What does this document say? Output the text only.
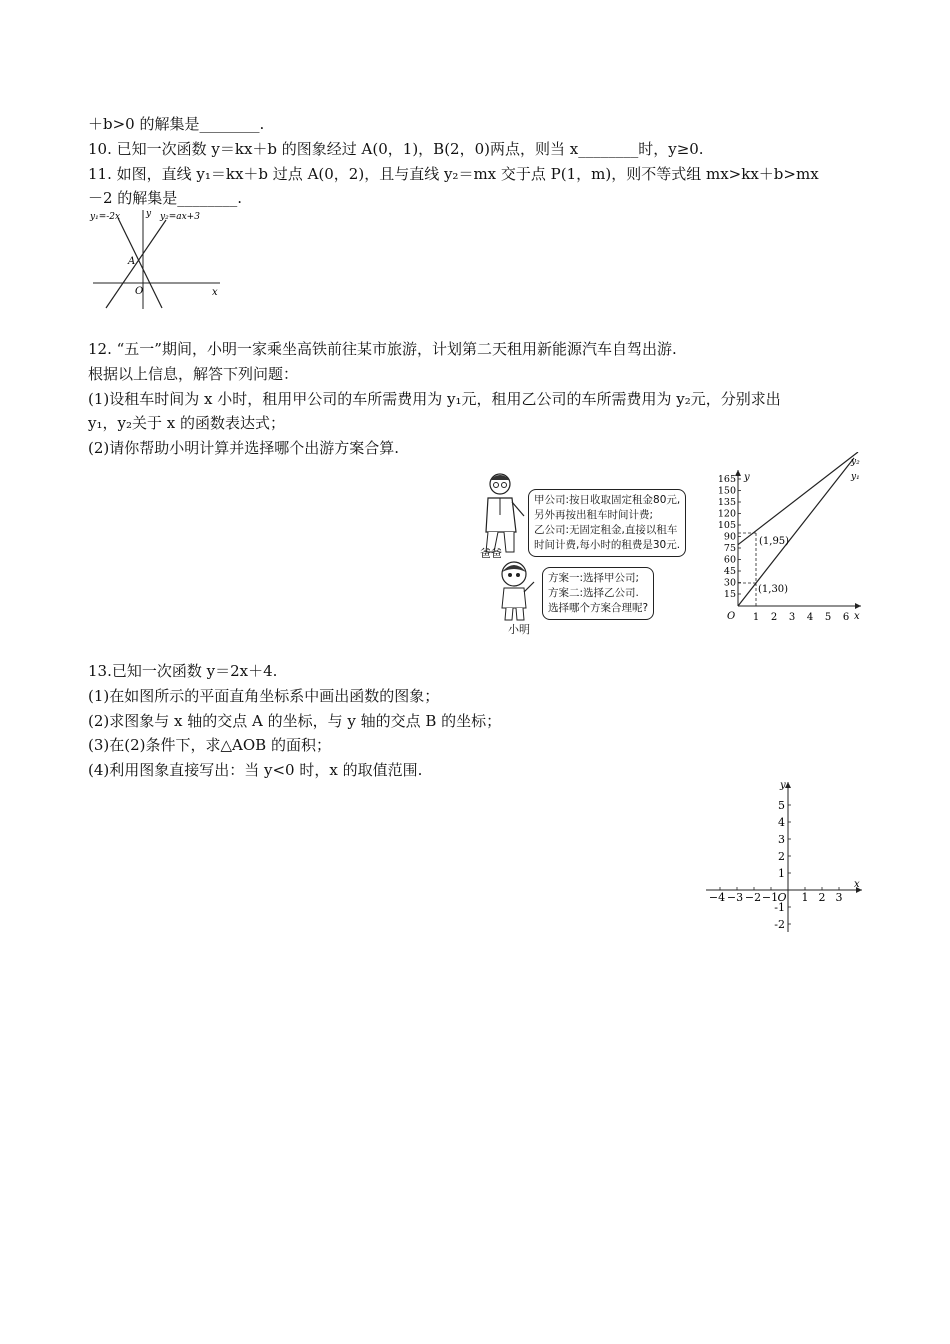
＋b>0 的解集是________.
10. 已知一次函数 y＝kx＋b 的图象经过 A(0，1)，B(2，0)两点，则当 x________时，y≥0.
11. 如图，直线 y₁＝kx＋b 过点 A(0，2)，且与直线 y₂＝mx 交于点 P(1，m)，则不等式组 mx>kx＋b>mx
－2 的解集是________.
y₁=-2x	y₂=ax+3
y
A
O	x
12. “五一”期间，小明一家乘坐高铁前往某市旅游，计划第二天租用新能源汽车自驾出游.
根据以上信息，解答下列问题：
(1)设租车时间为 x 小时，租用甲公司的车所需费用为 y₁元，租用乙公司的车所需费用为 y₂元，分别求出
y₁，y₂关于 x 的函数表达式；
(2)请你帮助小明计算并选择哪个出游方案合算.
爸爸
甲公司:按日收取固定租金80元,
另外再按出租车时间计费;
乙公司:无固定租金,直接以租车
时间计费,每小时的租费是30元.
小明
方案一:选择甲公司;
方案二:选择乙公司.
选择哪个方案合理呢?
y
x
O
165
150
135
120
105
90
75
60
45
30
15
1 2 3 4 5 6
(1,95)
(1,30)
y₂
y₁
13.已知一次函数 y＝2x＋4.
(1)在如图所示的平面直角坐标系中画出函数的图象；
(2)求图象与 x 轴的交点 A 的坐标，与 y 轴的交点 B 的坐标；
(3)在(2)条件下，求△AOB 的面积；
(4)利用图象直接写出：当 y<0 时，x 的取值范围.
y
x
5
4
3
2
1
-1
-2
−4 −3 −2 −1 O 1 2 3
